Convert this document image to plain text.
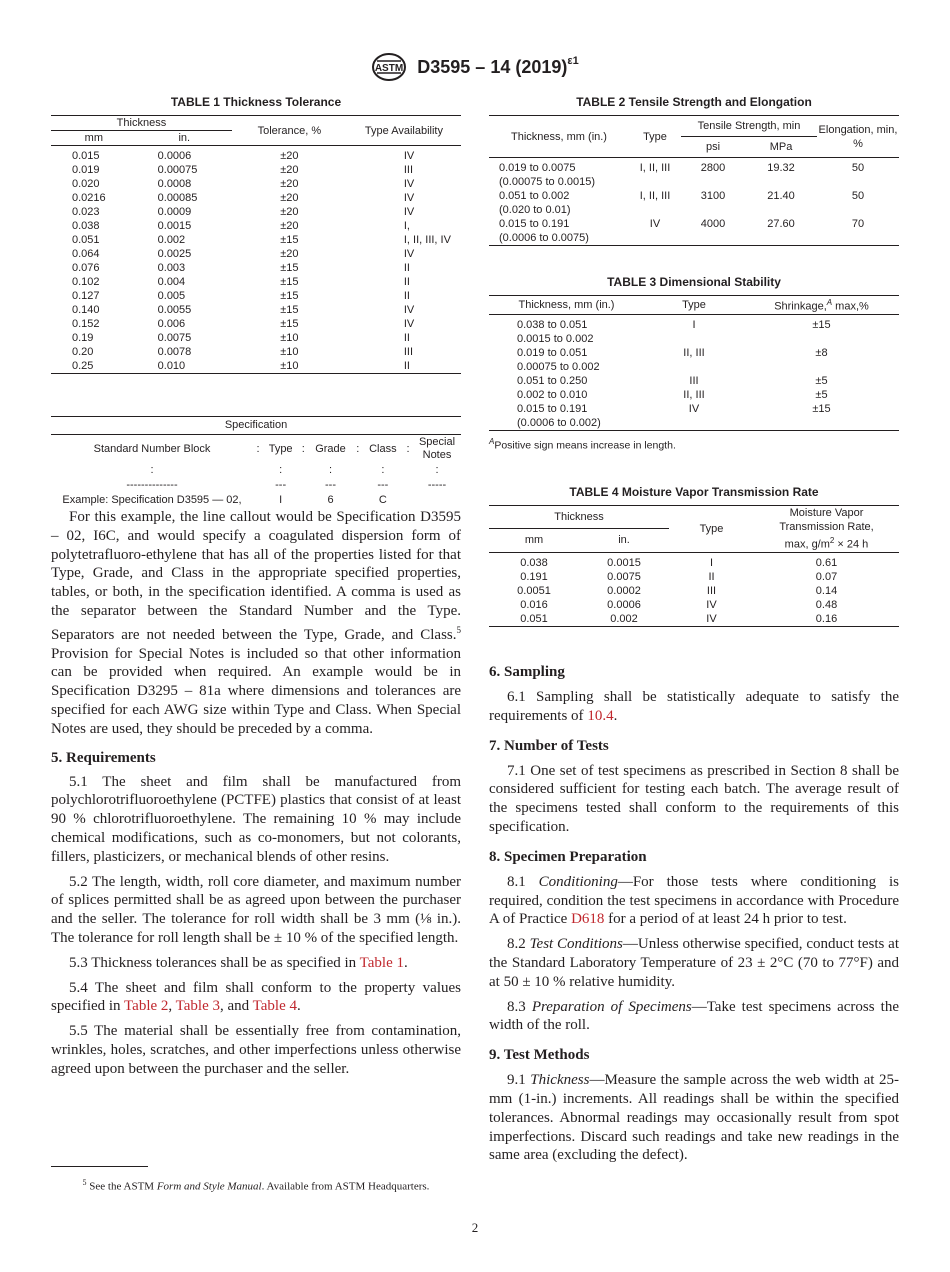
ASTM D3595 – 14 $(2019)^{\varepsilon 1}$
TABLE 1 Thickness Tolerance
Thickness		Tolerance, %	Type Availability
mm	in.		
0.015	0.0006	±20	IV
0.019	0.00075	±20	III
0.020	0.0008	±20	IV
0.0216	0.00085	±20	IV
0.023	0.0009	±20	IV
0.038	0.0015	±20	I,
0.051	0.002	±15	I, II, III, IV
0.064	0.0025	±20	IV
0.076	0.003	±15	II
0.102	0.004	±15	II
0.127	0.005	±15	II
0.140	0.0055	±15	IV
0.152	0.006	±15	IV
0.19	0.0075	±10	II
0.20	0.0078	±10	III
0.25	0.010	±10	II
Specification								
Standard Number Block	:	Type	:	Grade	:	Class	:	Special Notes
:		:		:		:		:
--------------		---		---		---		-----
Example: Specification D3595 — 02,		I		6		C		

For this example, the line callout would be Specification D3595 – 02, I6C, and would specify a coagulated dispersion form of polytetrafluoro-ethylene that has all of the properties listed for that Type, Grade, and Class in the appropriate specified properties, tables, or both, in the specification identified. A comma is used as the separator between the Standard Number and the Type. Separators are not needed between the Type, Grade, and Class.$^5$ Provision for Special Notes is included so that other information can be provided when required. An example would be in Specification D3295 – 81a where dimensions and tolerances are specified for each AWG size within Type and Class. When Special Notes are used, they should be preceded by a comma.

5. Requirements

5.1 The sheet and film shall be manufactured from polychlorotrifluoroethylene (PCTFE) plastics that consist of at least 90 % chlorotrifluoroethylene. The remaining 10 % may include chemical modifications, such as co-monomers, but not colorants, fillers, plasticizers, or mechanical blends of other resins.

5.2 The length, width, roll core diameter, and maximum number of splices permitted shall be as agreed upon between the purchaser and the seller. The tolerance for roll width shall be 3 mm (⅛ in.). The tolerance for roll length shall be ± 10 % of the specified length.

5.3 Thickness tolerances shall be as specified in Table 1.

5.4 The sheet and film shall conform to the property values specified in Table 2, Table 3, and Table 4.

5.5 The material shall be essentially free from contamination, wrinkles, holes, scratches, and other imperfections unless otherwise agreed upon between the purchaser and the seller.

$^5$ See the ASTM Form and Style Manual. Available from ASTM Headquarters.
TABLE 2 Tensile Strength and Elongation
Thickness, mm (in.)	Type	Tensile Strength, min		Elongation, min, %
		psi	MPa	
0.019 to 0.0075
(0.00075 to 0.0015)	I, II, III	2800	19.32	50
0.051 to 0.002
(0.020 to 0.01)	I, II, III	3100	21.40	50
0.015 to 0.191
(0.0006 to 0.0075)	IV	4000	27.60	70
TABLE 3 Dimensional Stability
Thickness, mm (in.)	Type	Shrinkage,$^A$ max,%
0.038 to 0.051	I	±15
0.0015 to 0.002		
0.019 to 0.051	II, III	±8
0.00075 to 0.002		
0.051 to 0.250	III	±5
0.002 to 0.010	II, III	±5
0.015 to 0.191	IV	±15
(0.0006 to 0.002)		
$^A$Positive sign means increase in length.
TABLE 4 Moisture Vapor Transmission Rate
Thickness		Type	Moisture Vapor
Transmission Rate,
max, $g/m^2 \times 24$ h
mm	in.		
0.038	0.0015	I	0.61
0.191	0.0075	II	0.07
0.0051	0.0002	III	0.14
0.016	0.0006	IV	0.48
0.051	0.002	IV	0.16

6. Sampling

6.1 Sampling shall be statistically adequate to satisfy the requirements of 10.4.

7. Number of Tests

7.1 One set of test specimens as prescribed in Section 8 shall be considered sufficient for testing each batch. The average result of the specimens tested shall conform to the requirements of this specification.

8. Specimen Preparation

8.1 Conditioning—For those tests where conditioning is required, condition the test specimens in accordance with Procedure A of Practice D618 for a period of at least 24 h prior to test.

8.2 Test Conditions—Unless otherwise specified, conduct tests at the Standard Laboratory Temperature of 23 ± 2°C (70 to 77°F) and at 50 ± 10 % relative humidity.

8.3 Preparation of Specimens—Take test specimens across the width of the roll.

9. Test Methods

9.1 Thickness—Measure the sample across the web width at 25-mm (1-in.) increments. All readings shall be within the specified tolerances. Abnormal readings may occasionally result from spot imperfections. Discard such readings and take new readings in the same area (excluding the defect).

2
